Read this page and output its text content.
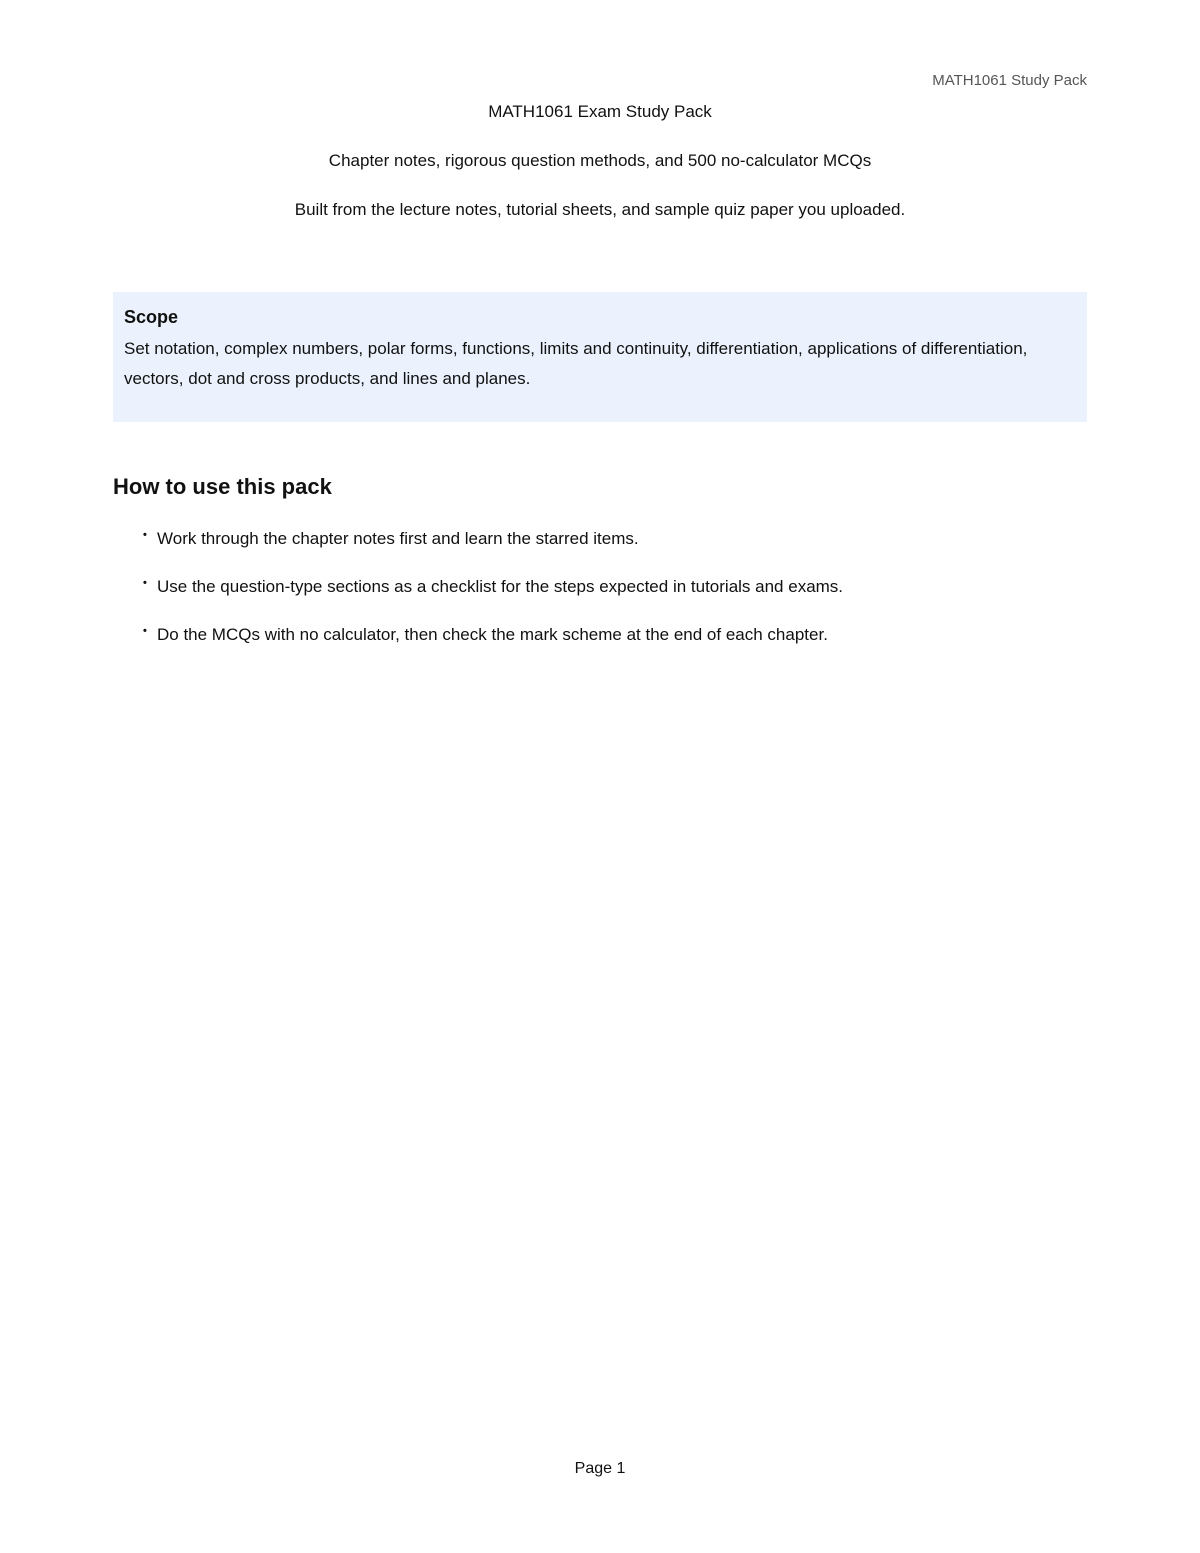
MATH1061 Study Pack
MATH1061 Exam Study Pack
Chapter notes, rigorous question methods, and 500 no-calculator MCQs
Built from the lecture notes, tutorial sheets, and sample quiz paper you uploaded.
Scope
Set notation, complex numbers, polar forms, functions, limits and continuity, differentiation, applications of differentiation, vectors, dot and cross products, and lines and planes.
How to use this pack
• Work through the chapter notes first and learn the starred items.
• Use the question-type sections as a checklist for the steps expected in tutorials and exams.
• Do the MCQs with no calculator, then check the mark scheme at the end of each chapter.
Page 1
